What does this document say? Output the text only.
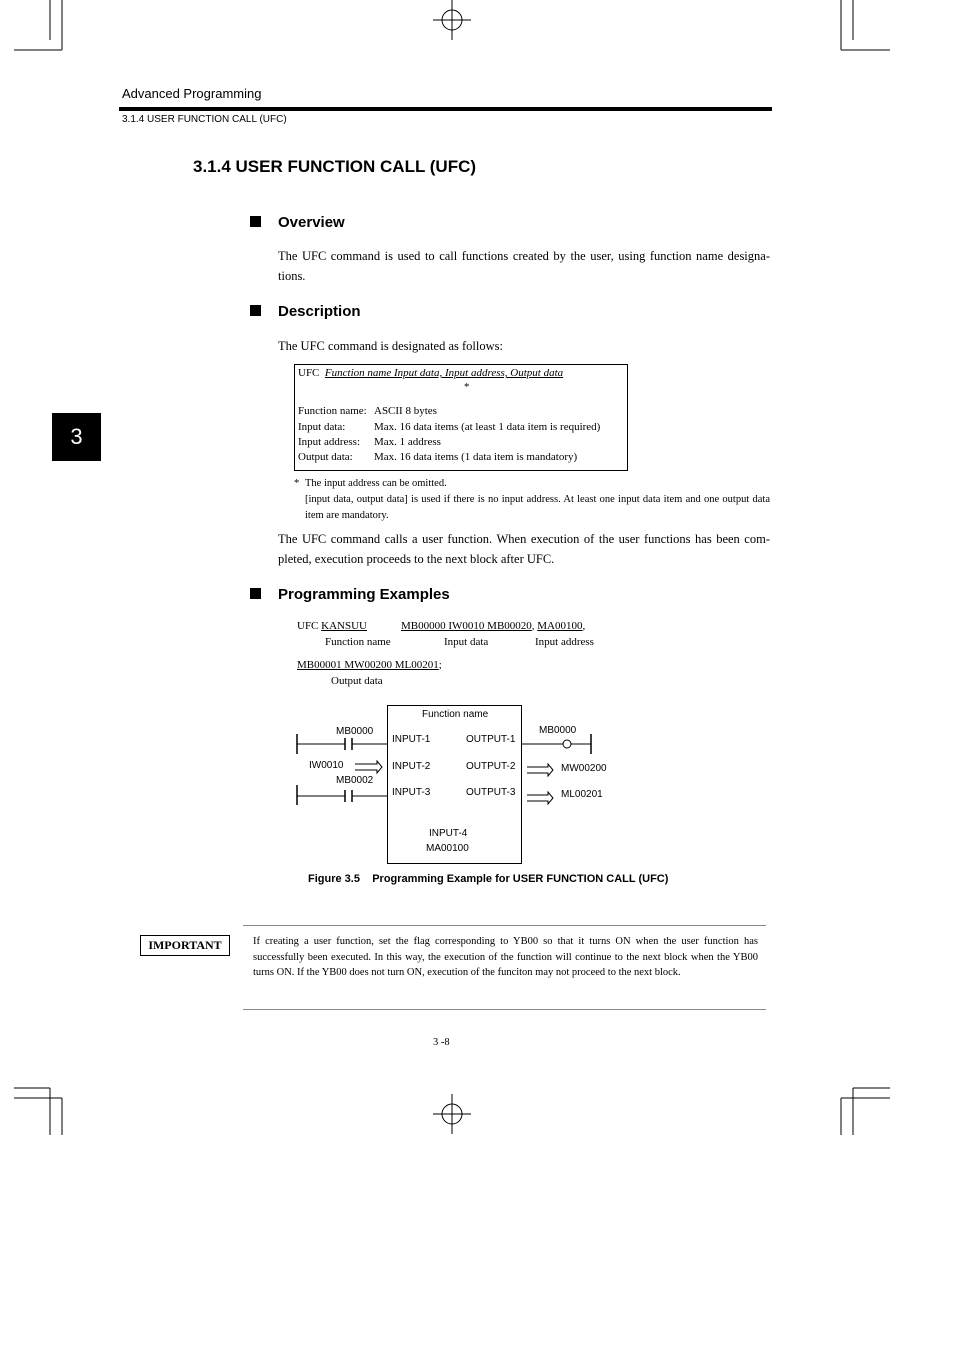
Advanced Programming
3.1.4 USER FUNCTION CALL (UFC)
3
3.1.4 USER FUNCTION CALL (UFC)
Overview
The UFC command is used to call functions created by the user, using function name designa-tions.
Description
The UFC command is designated as follows:
UFC Function name Input data, Input address, Output data
*
Function name: ASCII 8 bytes
Input data:	Max. 16 data items (at least 1 data item is required)
Input address: Max. 1 address
Output data: Max. 16 data items (1 data item is mandatory)
* The input address can be omitted.
[input data, output data] is used if there is no input address. At least one input data item and one output data item are mandatory.
The UFC command calls a user function. When execution of the user functions has been com-pleted, execution proceeds to the next block after UFC.
Programming Examples
UFC KANSUU	MB00000 IW0010 MB00020, MA00100,
Function name	Input data	Input address
MB00001 MW00200 ML00201;
Output data
Function name
INPUT-1
INPUT-2
INPUT-3
OUTPUT-1
OUTPUT-2
OUTPUT-3
INPUT-4
MA00100
MB0000
IW0010
MB0002
MB0000
MW00200
ML00201
Figure 3.5 Programming Example for USER FUNCTION CALL (UFC)
IMPORTANT	If creating a user function, set the flag corresponding to YB00 so that it turns ON when the user function has successfully been executed. In this way, the execution of the function will continue to the next block when the YB00 turns ON. If the YB00 does not turn ON, execution of the funciton may not proceed to the next block.
3 -8
